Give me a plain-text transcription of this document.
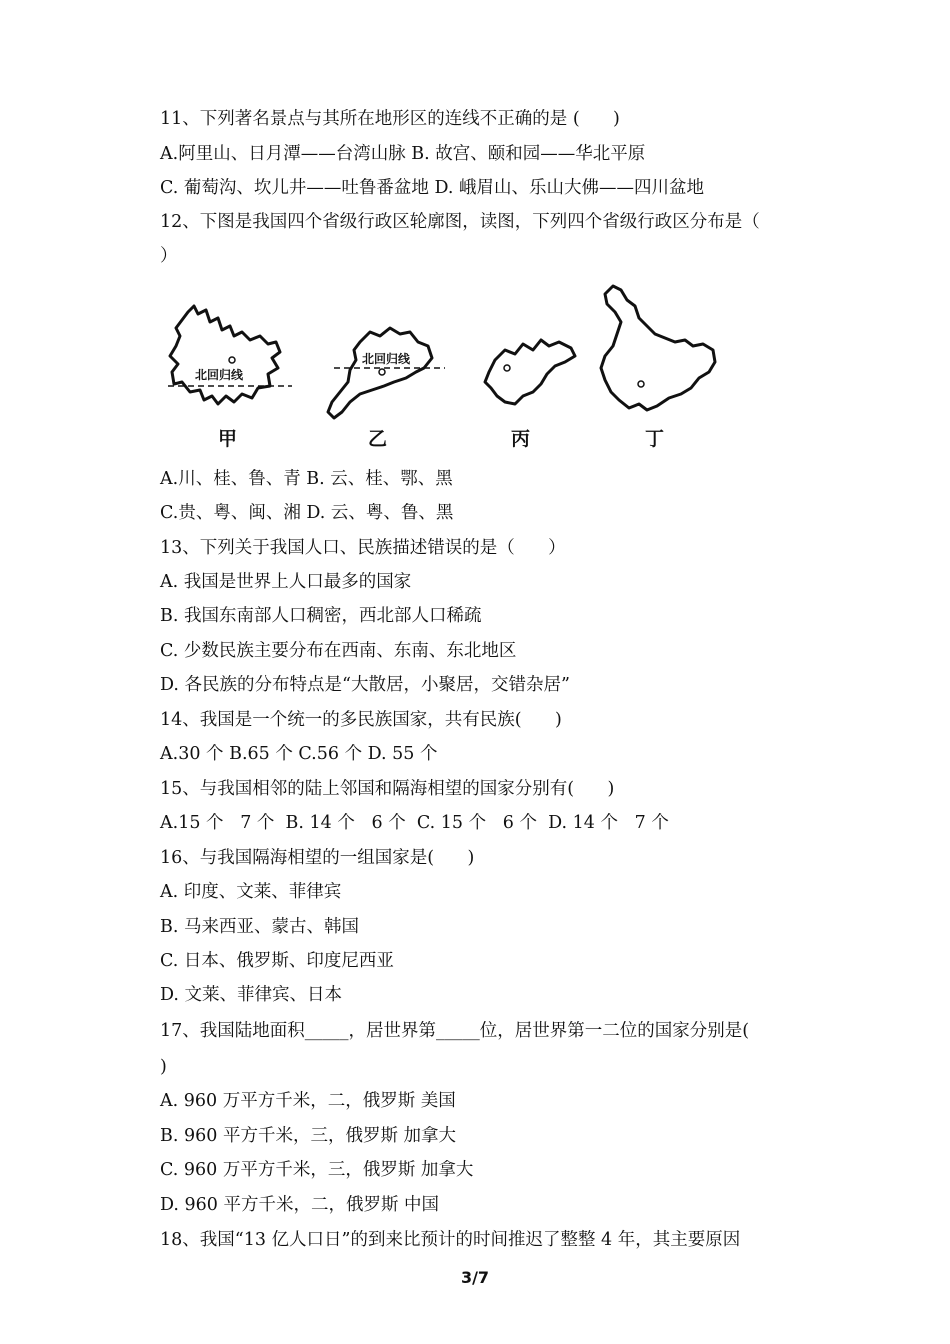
11、下列著名景点与其所在地形区的连线不正确的是 (      )
A.阿里山、日月潭——台湾山脉 B. 故宫、颐和园——华北平原
C. 葡萄沟、坎儿井——吐鲁番盆地 D. 峨眉山、乐山大佛——四川盆地
12、下图是我国四个省级行政区轮廓图，读图，下列四个省级行政区分布是（
）
北回归线
甲
北回归线
乙	丙	丁
A.川、桂、鲁、青 B. 云、桂、鄂、黑
C.贵、粤、闽、湘 D. 云、粤、鲁、黑
13、下列关于我国人口、民族描述错误的是（      ）
A. 我国是世界上人口最多的国家
B. 我国东南部人口稠密，西北部人口稀疏
C. 少数民族主要分布在西南、东南、东北地区
D. 各民族的分布特点是“大散居，小聚居，交错杂居”
14、我国是一个统一的多民族国家，共有民族(      )
A.30 个 B.65 个 C.56 个 D. 55 个
15、与我国相邻的陆上邻国和隔海相望的国家分别有(      )
A.15 个   7 个  B. 14 个   6 个  C. 15 个   6 个  D. 14 个   7 个
16、与我国隔海相望的一组国家是(      )
A. 印度、文莱、菲律宾
B. 马来西亚、蒙古、韩国
C. 日本、俄罗斯、印度尼西亚
D. 文莱、菲律宾、日本
17、我国陆地面积_____，居世界第_____位，居世界第一二位的国家分别是(
)
A. 960 万平方千米，二，俄罗斯 美国
B. 960 平方千米，三，俄罗斯 加拿大
C. 960 万平方千米，三，俄罗斯 加拿大
D. 960 平方千米，二，俄罗斯 中国
18、我国“13 亿人口日”的到来比预计的时间推迟了整整 4 年，其主要原因
3/7
